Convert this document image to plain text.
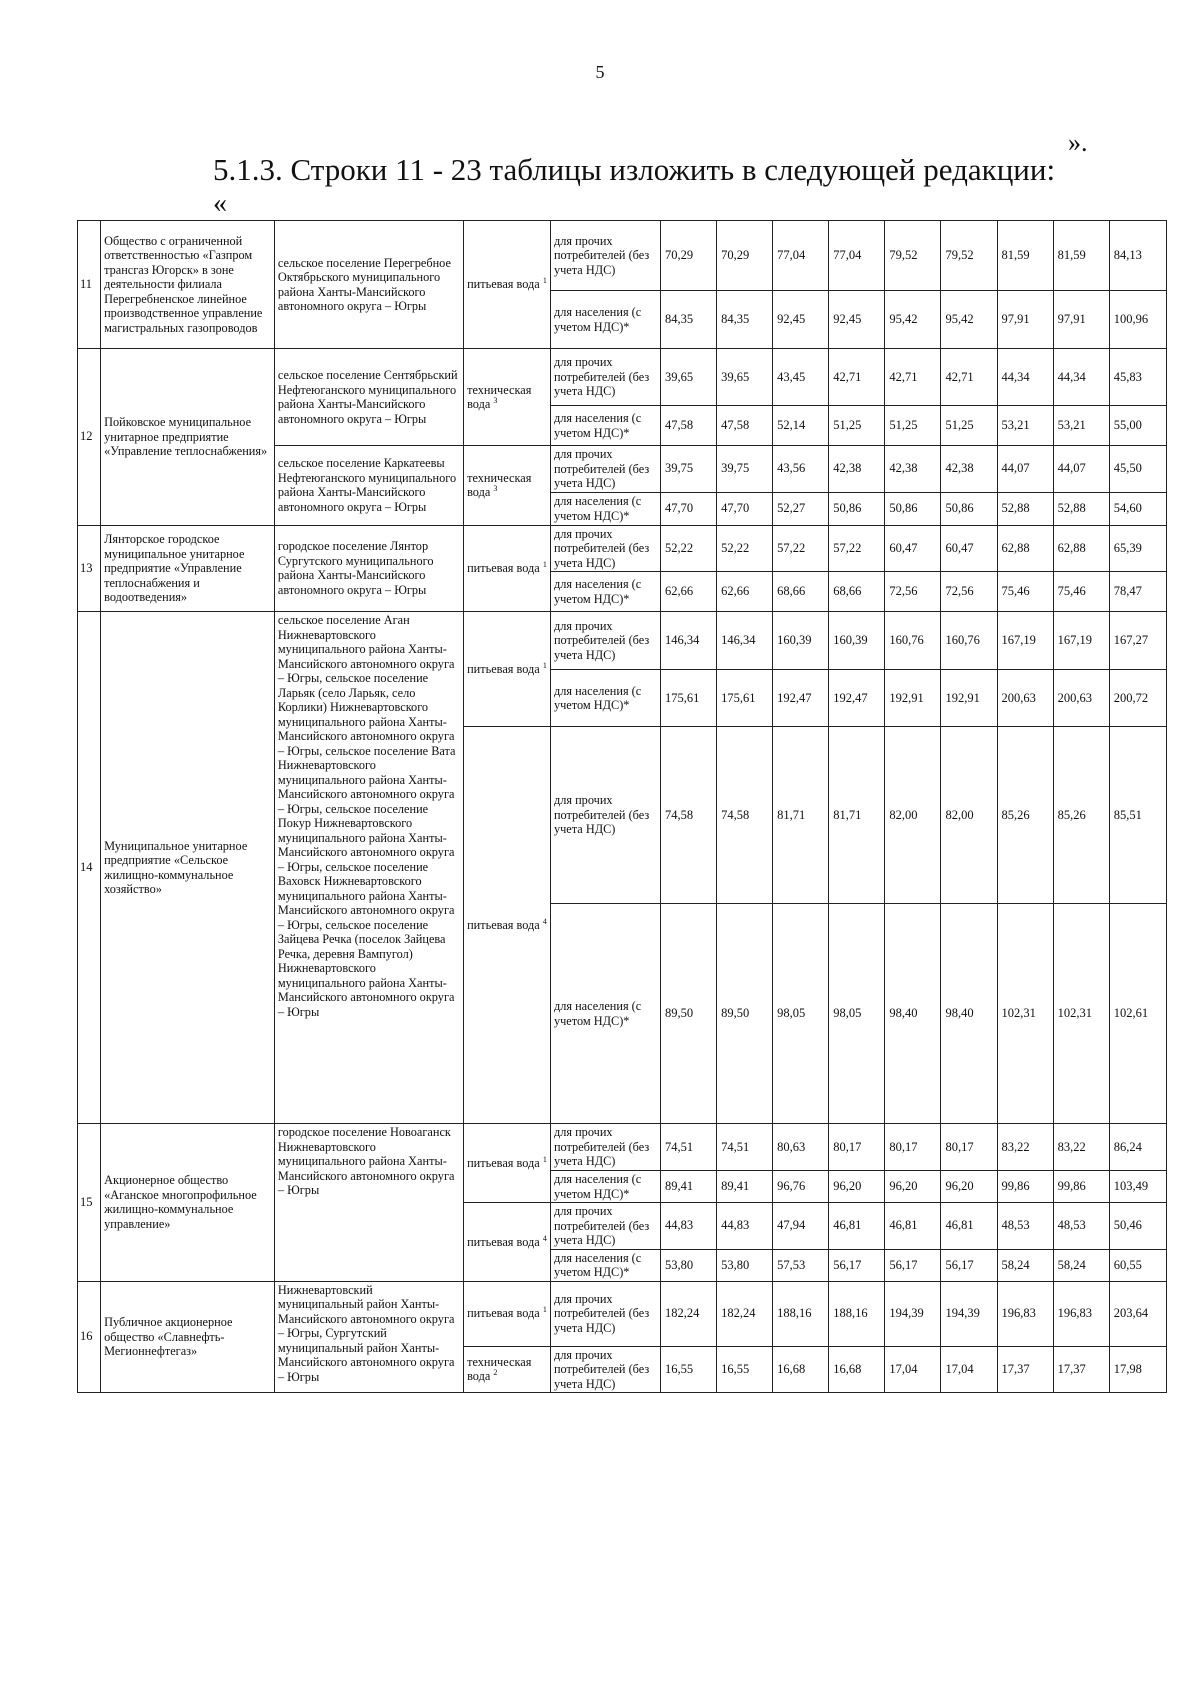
5
».
5.1.3. Строки 11 - 23 таблицы изложить в следующей редакции:
«
11	Общество с ограниченной ответственностью «Газпром трансгаз Югорск» в зоне деятельности филиала Перегребненское линейное производственное управление магистральных газопроводов	сельское поселение Перегребное Октябрьского муниципального района Ханты-Мансийского автономного округа – Югры	питьевая вода $^1$	для прочих потребителей (без учета НДС)	70,29	70,29	77,04	77,04	79,52	79,52	81,59	81,59	84,13
				для населения (с учетом НДС)*	84,35	84,35	92,45	92,45	95,42	95,42	97,91	97,91	100,96
12	Пойковское муниципальное унитарное предприятие «Управление теплоснабжения»	сельское поселение Сентябрьский Нефтеюганского муниципального района Ханты-Мансийского автономного округа – Югры	техническая вода $^3$	для прочих потребителей (без учета НДС)	39,65	39,65	43,45	42,71	42,71	42,71	44,34	44,34	45,83
				для населения (с учетом НДС)*	47,58	47,58	52,14	51,25	51,25	51,25	53,21	53,21	55,00
		сельское поселение Каркатеевы Нефтеюганского муниципального района Ханты-Мансийского автономного округа – Югры	техническая вода $^3$	для прочих потребителей (без учета НДС)	39,75	39,75	43,56	42,38	42,38	42,38	44,07	44,07	45,50
				для населения (с учетом НДС)*	47,70	47,70	52,27	50,86	50,86	50,86	52,88	52,88	54,60
13	Лянторское городское муниципальное унитарное предприятие «Управление теплоснабжения и водоотведения»	городское поселение Лянтор Сургутского муниципального района Ханты-Мансийского автономного округа – Югры	питьевая вода $^1$	для прочих потребителей (без учета НДС)	52,22	52,22	57,22	57,22	60,47	60,47	62,88	62,88	65,39
				для населения (с учетом НДС)*	62,66	62,66	68,66	68,66	72,56	72,56	75,46	75,46	78,47
14	Муниципальное унитарное предприятие «Сельское жилищно-коммунальное хозяйство»	сельское поселение Аган Нижневартовского муниципального района Ханты-Мансийского автономного округа – Югры, сельское поселение Ларьяк (село Ларьяк, село Корлики) Нижневартовского муниципального района Ханты-Мансийского автономного округа – Югры, сельское поселение Вата Нижневартовского муниципального района Ханты-Мансийского автономного округа – Югры, сельское поселение Покур Нижневартовского муниципального района Ханты-Мансийского автономного округа – Югры, сельское поселение Ваховск Нижневартовского муниципального района Ханты-Мансийского автономного округа – Югры, сельское поселение Зайцева Речка (поселок Зайцева Речка, деревня Вампугол) Нижневартовского муниципального района Ханты-Мансийского автономного округа – Югры	питьевая вода $^1$	для прочих потребителей (без учета НДС)	146,34	146,34	160,39	160,39	160,76	160,76	167,19	167,19	167,27
				для населения (с учетом НДС)*	175,61	175,61	192,47	192,47	192,91	192,91	200,63	200,63	200,72
			питьевая вода $^4$	для прочих потребителей (без учета НДС)	74,58	74,58	81,71	81,71	82,00	82,00	85,26	85,26	85,51
				для населения (с учетом НДС)*	89,50	89,50	98,05	98,05	98,40	98,40	102,31	102,31	102,61
15	Акционерное общество «Аганское многопрофильное жилищно-коммунальное управление»	городское поселение Новоаганск Нижневартовского муниципального района Ханты-Мансийского автономного округа – Югры	питьевая вода $^1$	для прочих потребителей (без учета НДС)	74,51	74,51	80,63	80,17	80,17	80,17	83,22	83,22	86,24
				для населения (с учетом НДС)*	89,41	89,41	96,76	96,20	96,20	96,20	99,86	99,86	103,49
			питьевая вода $^4$	для прочих потребителей (без учета НДС)	44,83	44,83	47,94	46,81	46,81	46,81	48,53	48,53	50,46
				для населения (с учетом НДС)*	53,80	53,80	57,53	56,17	56,17	56,17	58,24	58,24	60,55
16	Публичное акционерное общество «Славнефть-Мегионнефтегаз»	Нижневартовский муниципальный район Ханты-Мансийского автономного округа – Югры, Сургутский муниципальный район Ханты-Мансийского автономного округа – Югры	питьевая вода $^1$	для прочих потребителей (без учета НДС)	182,24	182,24	188,16	188,16	194,39	194,39	196,83	196,83	203,64
			техническая вода $^2$	для прочих потребителей (без учета НДС)	16,55	16,55	16,68	16,68	17,04	17,04	17,37	17,37	17,98
